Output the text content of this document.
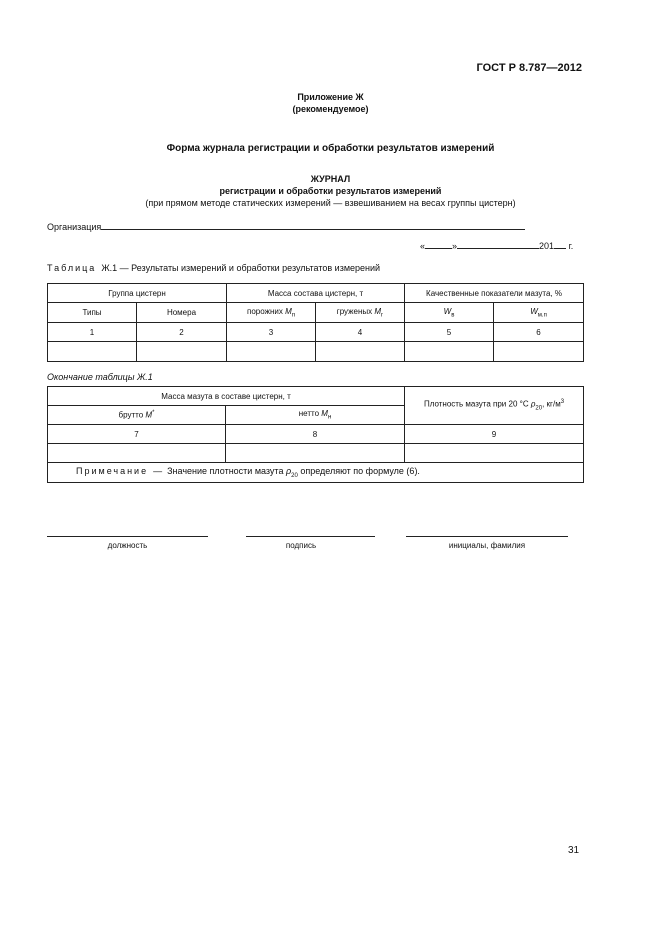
ГОСТ Р 8.787—2012
Приложение Ж
(рекомендуемое)
Форма журнала регистрации и обработки результатов измерений
ЖУРНАЛ
регистрации и обработки результатов измерений
(при прямом методе статических измерений — взвешиванием на весах группы цистерн)
Организация
«	»	201 г.
Таблица Ж.1 — Результаты измерений и обработки результатов измерений
Группа цистерн		Масса состава цистерн, т		Качественные показатели мазута, %	
Типы	Номера	порожних $M_п$	груженых $M_г$	$W_в$	$W_{м.п}$
1	2	3	4	5	6

Окончание таблицы Ж.1
Масса мазута в составе цистерн, т		Плотность мазута при 20 °С $\rho_{20}$, $кг/м^3$
брутто M*	нетто $M_н$
7	8	9

Примечание — Значение плотности мазута $\rho_{20}$ определяют по формуле (6).		
должность	подпись	инициалы, фамилия
31
